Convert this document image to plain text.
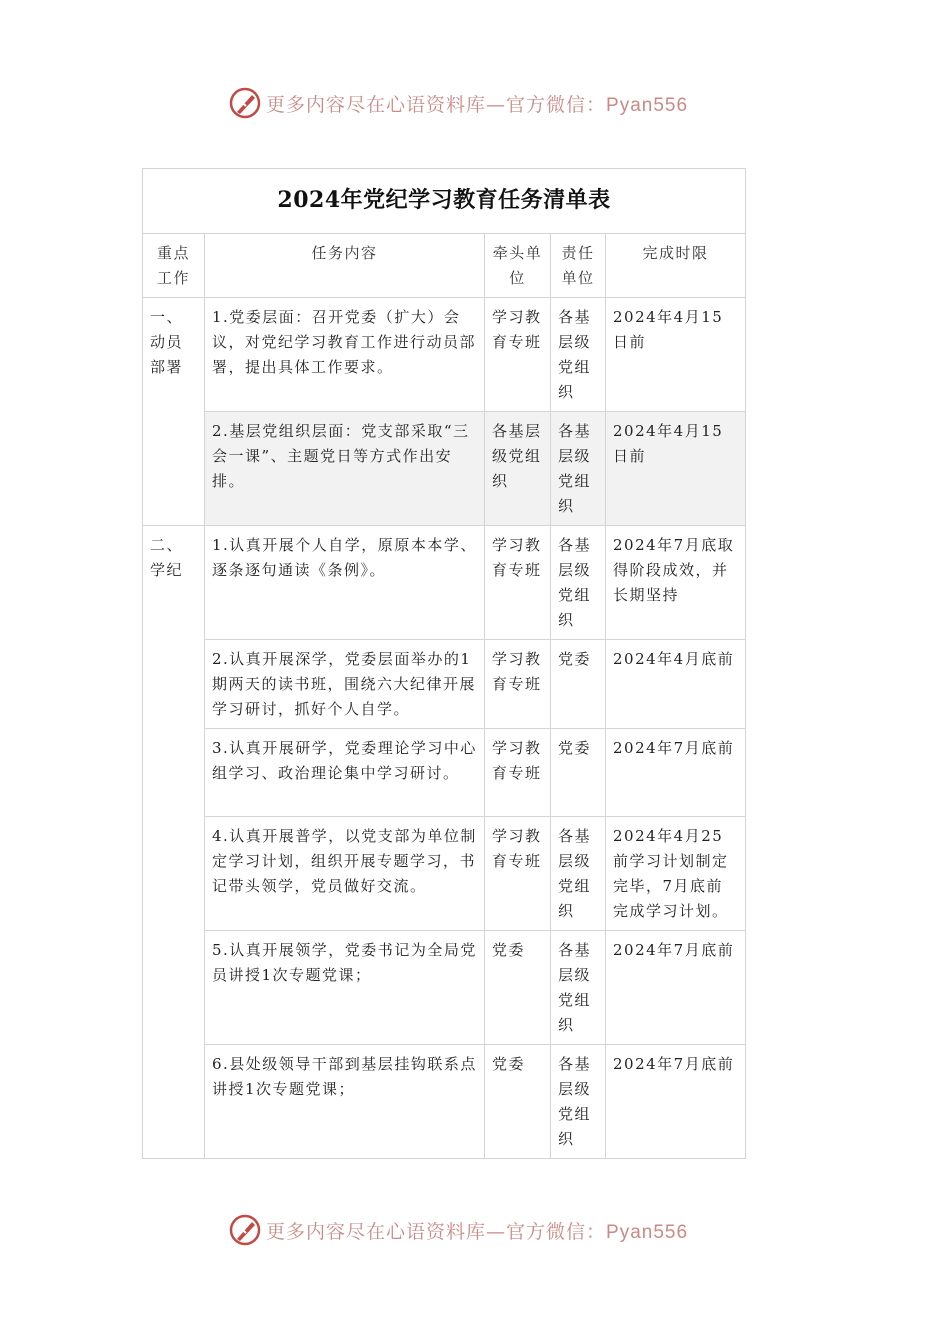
更多内容尽在心语资料库—官方微信：Pyan556
2024年党纪学习教育任务清单表				
重点工作	任务内容	牵头单位	责任单位	完成时限
一、动员部署	1.党委层面：召开党委（扩大）会议，对党纪学习教育工作进行动员部署，提出具体工作要求。	学习教育专班	各基层级党组织	2024年4月15日前
	2.基层党组织层面：党支部采取“三会一课”、主题党日等方式作出安排。	各基层级党组织	各基层级党组织	2024年4月15日前
二、学纪	1.认真开展个人自学，原原本本学、逐条逐句通读《条例》。	学习教育专班	各基层级党组织	2024年7月底取得阶段成效，并长期坚持
	2.认真开展深学，党委层面举办的1期两天的读书班，围绕六大纪律开展学习研讨，抓好个人自学。	学习教育专班	党委	2024年4月底前
	3.认真开展研学，党委理论学习中心组学习、政治理论集中学习研讨。	学习教育专班	党委	2024年7月底前
	4.认真开展普学，以党支部为单位制定学习计划，组织开展专题学习，书记带头领学，党员做好交流。	学习教育专班	各基层级党组织	2024年4月25前学习计划制定完毕，7月底前完成学习计划。
	5.认真开展领学，党委书记为全局党员讲授1次专题党课；	党委	各基层级党组织	2024年7月底前
	6.县处级领导干部到基层挂钩联系点讲授1次专题党课；	党委	各基层级党组织	2024年7月底前
更多内容尽在心语资料库—官方微信：Pyan556
